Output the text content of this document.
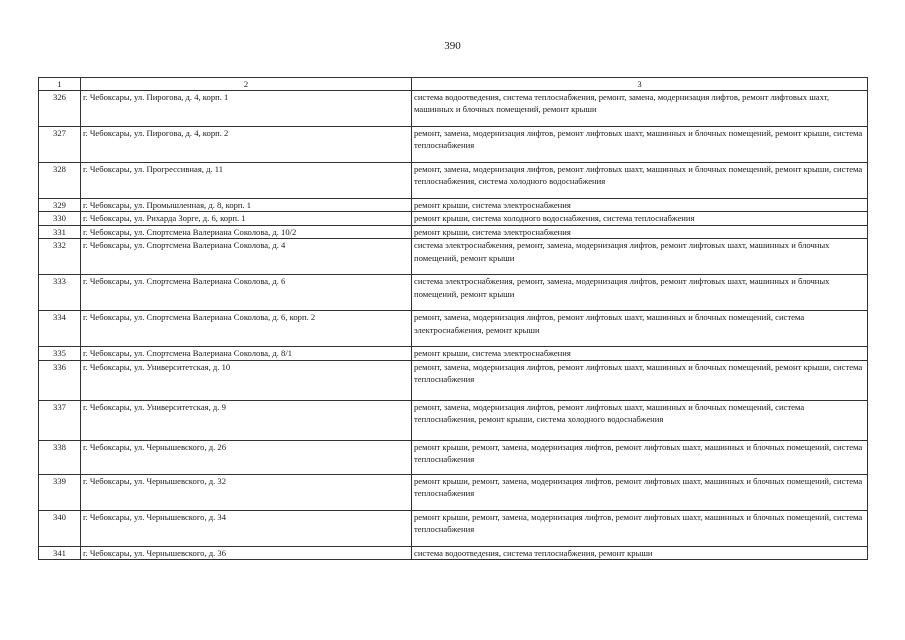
390
1	2	3
326	г. Чебоксары, ул. Пирогова, д. 4, корп. 1	система водоотведения, система теплоснабжения, ремонт, замена, модернизация лифтов, ремонт лифтовых шахт, машинных и блочных помещений, ремонт крыши
327	г. Чебоксары, ул. Пирогова, д. 4, корп. 2	ремонт, замена, модернизация лифтов, ремонт лифтовых шахт, машинных и блочных помещений, ремонт крыши, система теплоснабжения
328	г. Чебоксары, ул. Прогрессивная, д. 11	ремонт, замена, модернизация лифтов, ремонт лифтовых шахт, машинных и блочных помещений, ремонт крыши, система теплоснабжения, система холодного водоснабжения
329	г. Чебоксары, ул. Промышленная, д. 8, корп. 1	ремонт крыши, система электроснабжения
330	г. Чебоксары, ул. Рихарда Зорге, д. 6, корп. 1	ремонт крыши, система холодного водоснабжения, система теплоснабжения
331	г. Чебоксары, ул. Спортсмена Валериана Соколова, д. 10/2	ремонт крыши, система электроснабжения
332	г. Чебоксары, ул. Спортсмена Валериана Соколова, д. 4	система электроснабжения, ремонт, замена, модернизация лифтов, ремонт лифтовых шахт, машинных и блочных помещений, ремонт крыши
333	г. Чебоксары, ул. Спортсмена Валериана Соколова, д. 6	система электроснабжения, ремонт, замена, модернизация лифтов, ремонт лифтовых шахт, машинных и блочных помещений, ремонт крыши
334	г. Чебоксары, ул. Спортсмена Валериана Соколова, д. 6, корп. 2	ремонт, замена, модернизация лифтов, ремонт лифтовых шахт, машинных и блочных помещений, система электроснабжения, ремонт крыши
335	г. Чебоксары, ул. Спортсмена Валериана Соколова, д. 8/1	ремонт крыши, система электроснабжения
336	г. Чебоксары, ул. Университетская, д. 10	ремонт, замена, модернизация лифтов, ремонт лифтовых шахт, машинных и блочных помещений, ремонт крыши, система теплоснабжения
337	г. Чебоксары, ул. Университетская, д. 9	ремонт, замена, модернизация лифтов, ремонт лифтовых шахт, машинных и блочных помещений, система теплоснабжения, ремонт крыши, система холодного водоснабжения
338	г. Чебоксары, ул. Чернышевского, д. 26	ремонт крыши, ремонт, замена, модернизация лифтов, ремонт лифтовых шахт, машинных и блочных помещений, система теплоснабжения
339	г. Чебоксары, ул. Чернышевского, д. 32	ремонт крыши, ремонт, замена, модернизация лифтов, ремонт лифтовых шахт, машинных и блочных помещений, система теплоснабжения
340	г. Чебоксары, ул. Чернышевского, д. 34	ремонт крыши, ремонт, замена, модернизация лифтов, ремонт лифтовых шахт, машинных и блочных помещений, система теплоснабжения
341	г. Чебоксары, ул. Чернышевского, д. 36	система водоотведения, система теплоснабжения, ремонт крыши
